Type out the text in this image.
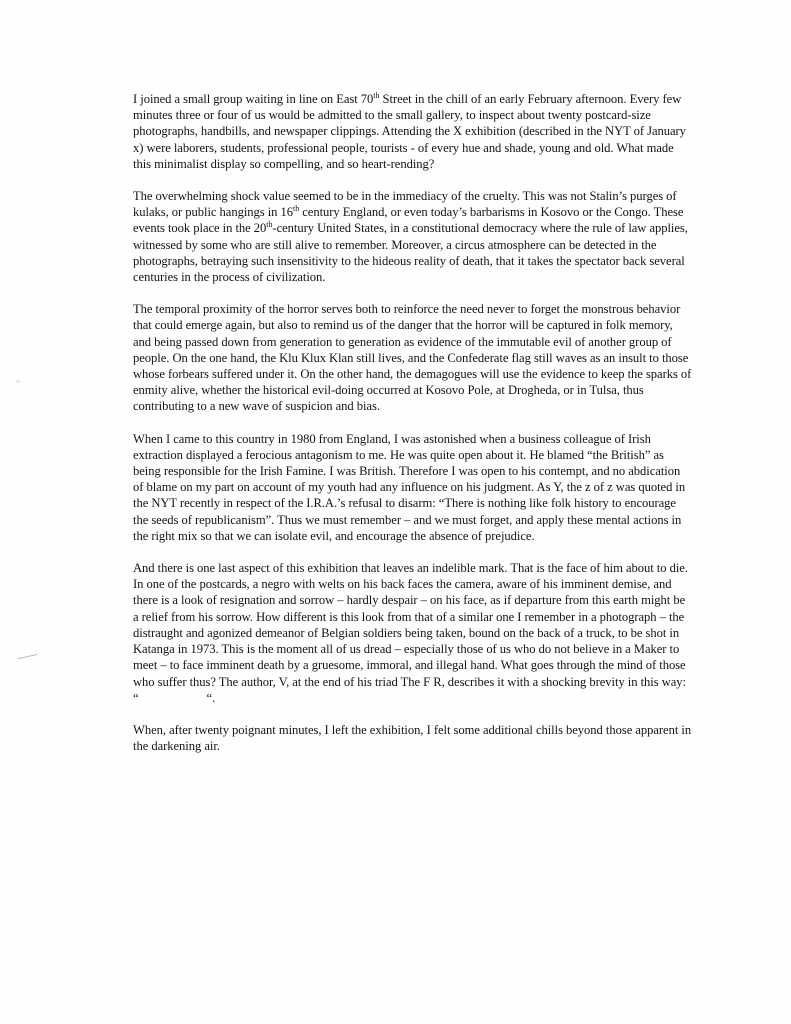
I joined a small group waiting in line on East 70th Street in the chill of an early February afternoon. Every few minutes three or four of us would be admitted to the small gallery, to inspect about twenty postcard-size photographs, handbills, and newspaper clippings. Attending the X exhibition (described in the NYT of January x) were laborers, students, professional people, tourists - of every hue and shade, young and old. What made this minimalist display so compelling, and so heart-rending?

The overwhelming shock value seemed to be in the immediacy of the cruelty. This was not Stalin’s purges of kulaks, or public hangings in 16th century England, or even today’s barbarisms in Kosovo or the Congo. These events took place in the 20th-century United States, in a constitutional democracy where the rule of law applies, witnessed by some who are still alive to remember. Moreover, a circus atmosphere can be detected in the photographs, betraying such insensitivity to the hideous reality of death, that it takes the spectator back several centuries in the process of civilization.

The temporal proximity of the horror serves both to reinforce the need never to forget the monstrous behavior that could emerge again, but also to remind us of the danger that the horror will be captured in folk memory, and being passed down from generation to generation as evidence of the immutable evil of another group of people. On the one hand, the Klu Klux Klan still lives, and the Confederate flag still waves as an insult to those whose forbears suffered under it. On the other hand, the demagogues will use the evidence to keep the sparks of enmity alive, whether the historical evil-doing occurred at Kosovo Pole, at Drogheda, or in Tulsa, thus contributing to a new wave of suspicion and bias.

When I came to this country in 1980 from England, I was astonished when a business colleague of Irish extraction displayed a ferocious antagonism to me. He was quite open about it. He blamed “the British” as being responsible for the Irish Famine. I was British. Therefore I was open to his contempt, and no abdication of blame on my part on account of my youth had any influence on his judgment. As Y, the z of z was quoted in the NYT recently in respect of the I.R.A.’s refusal to disarm: “There is nothing like folk history to encourage the seeds of republicanism”. Thus we must remember – and we must forget, and apply these mental actions in the right mix so that we can isolate evil, and encourage the absence of prejudice.

And there is one last aspect of this exhibition that leaves an indelible mark. That is the face of him about to die. In one of the postcards, a negro with welts on his back faces the camera, aware of his imminent demise, and there is a look of resignation and sorrow – hardly despair – on his face, as if departure from this earth might be a relief from his sorrow. How different is this look from that of a similar one I remember in a photograph – the distraught and agonized demeanor of Belgian soldiers being taken, bound on the back of a truck, to be shot in Katanga in 1973. This is the moment all of us dread – especially those of us who do not believe in a Maker to meet – to face imminent death by a gruesome, immoral, and illegal hand. What goes through the mind of those who suffer thus? The author, V, at the end of his triad The F R, describes it with a shocking brevity in this way: “	“.

When, after twenty poignant minutes, I left the exhibition, I felt some additional chills beyond those apparent in the darkening air.
